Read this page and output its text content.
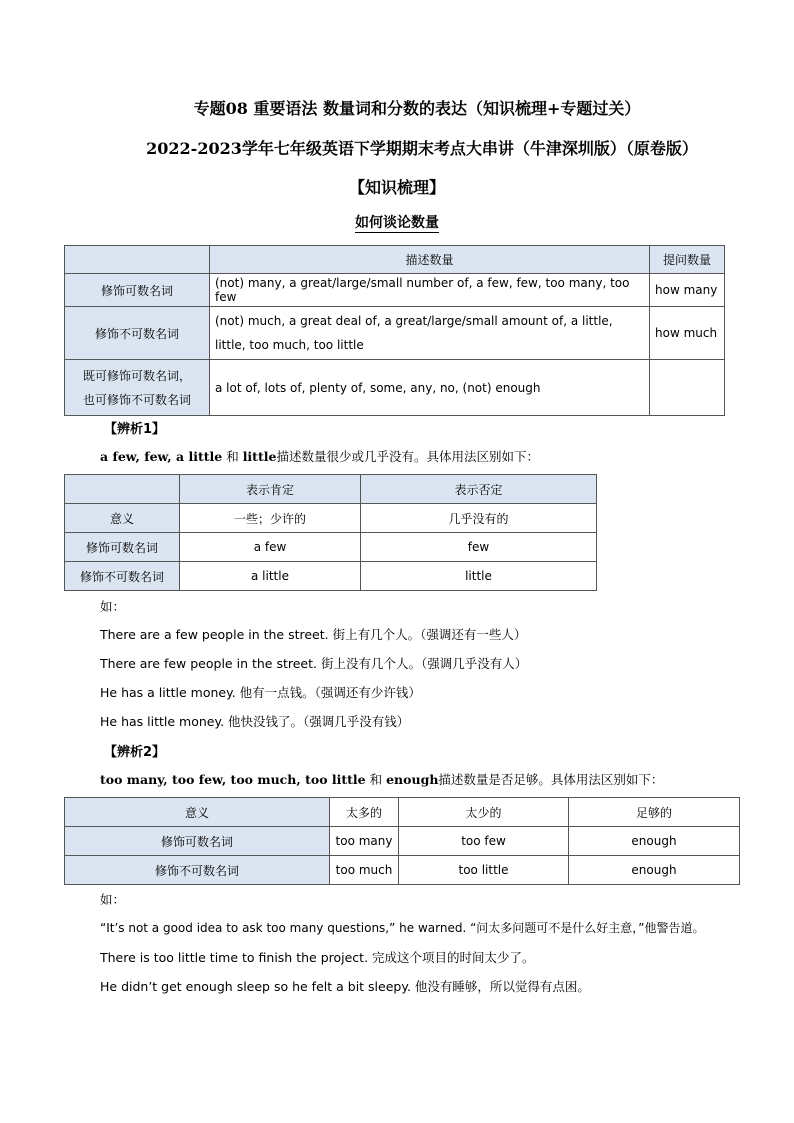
专题08 重要语法 数量词和分数的表达（知识梳理+专题过关）
2022-2023学年七年级英语下学期期末考点大串讲（牛津深圳版）（原卷版）
【知识梳理】
如何谈论数量
	描述数量	提问数量
修饰可数名词	(not) many, a great/large/small number of, a few, few, too many, too few	how many
修饰不可数名词	(not) much, a great deal of, a great/large/small amount of, a little, little, too much, too little	how much

既可修饰可数名词，
也可修饰不可数名词	a lot of, lots of, plenty of, some, any, no, (not) enough	
【辨析1】
a few, few, a little 和 little描述数量很少或几乎没有。具体用法区别如下：
	表示肯定	表示否定
意义	一些；少许的	几乎没有的
修饰可数名词	a few	few
修饰不可数名词	a little	little
如：
There are a few people in the street. 街上有几个人。（强调还有一些人）
There are few people in the street. 街上没有几个人。（强调几乎没有人）
He has a little money. 他有一点钱。（强调还有少许钱）
He has little money. 他快没钱了。（强调几乎没有钱）
【辨析2】
too many, too few, too much, too little 和 enough描述数量是否足够。具体用法区别如下：
意义	太多的	太少的	足够的
修饰可数名词	too many	too few	enough
修饰不可数名词	too much	too little	enough
如：
“It’s not a good idea to ask too many questions,” he warned. “问太多问题可不是什么好主意，”他警告道。
There is too little time to finish the project. 完成这个项目的时间太少了。
He didn’t get enough sleep so he felt a bit sleepy. 他没有睡够，所以觉得有点困。
